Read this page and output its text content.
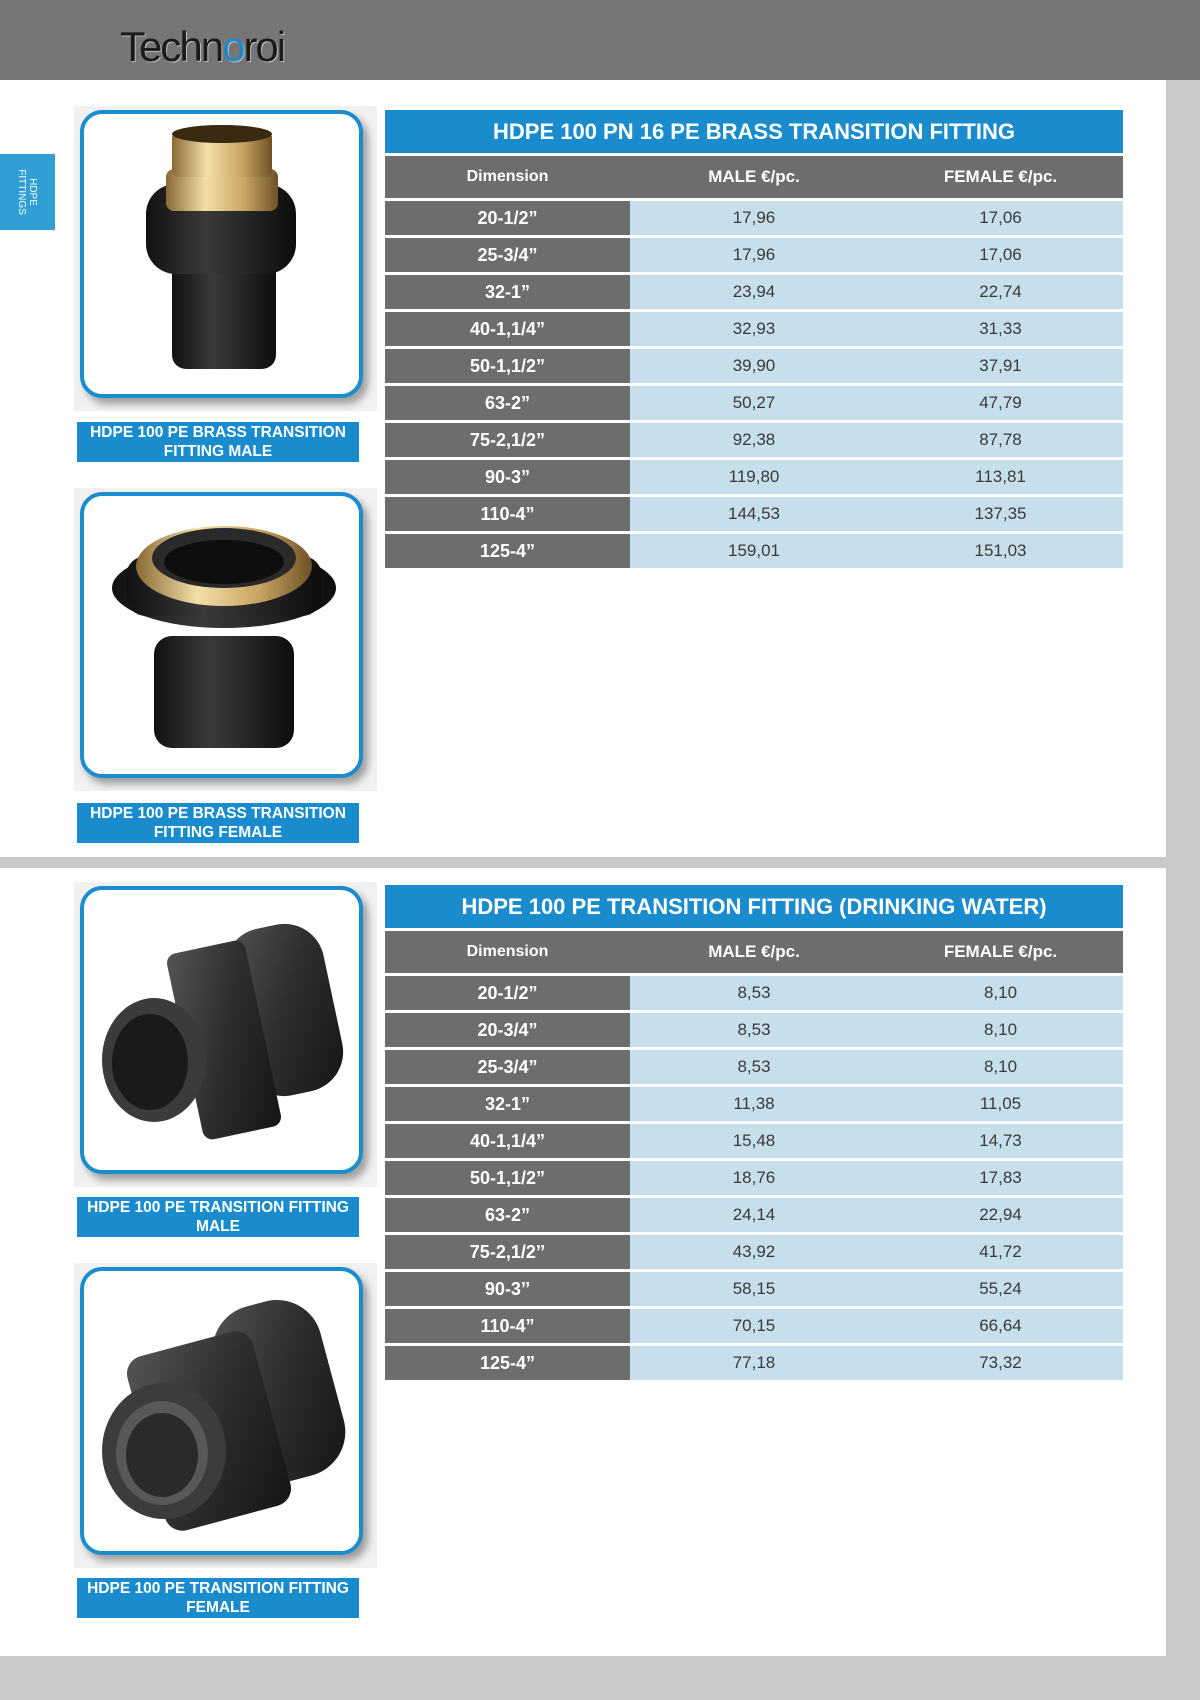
Technoroi
HDPE
FITTINGS
HDPE 100 PE BRASS TRANSITION FITTING MALE
HDPE 100 PE BRASS TRANSITION FITTING FEMALE
HDPE 100 PN 16 PE BRASS TRANSITION FITTING
Dimension	MALE €/pc.	FEMALE €/pc.
20-1/2”	17,96	17,06
25-3/4”	17,96	17,06
32-1”	23,94	22,74
40-1,1/4”	32,93	31,33
50-1,1/2”	39,90	37,91
63-2”	50,27	47,79
75-2,1/2”	92,38	87,78
90-3”	119,80	113,81
110-4”	144,53	137,35
125-4”	159,01	151,03
HDPE 100 PE TRANSITION FITTING MALE
HDPE 100 PE TRANSITION FITTING FEMALE
HDPE 100 PE TRANSITION FITTING (DRINKING WATER)
Dimension	MALE €/pc.	FEMALE €/pc.
20-1/2”	8,53	8,10
20-3/4”	8,53	8,10
25-3/4”	8,53	8,10
32-1”	11,38	11,05
40-1,1/4”	15,48	14,73
50-1,1/2”	18,76	17,83
63-2”	24,14	22,94
75-2,1/2’’	43,92	41,72
90-3’’	58,15	55,24
110-4”	70,15	66,64
125-4”	77,18	73,32
